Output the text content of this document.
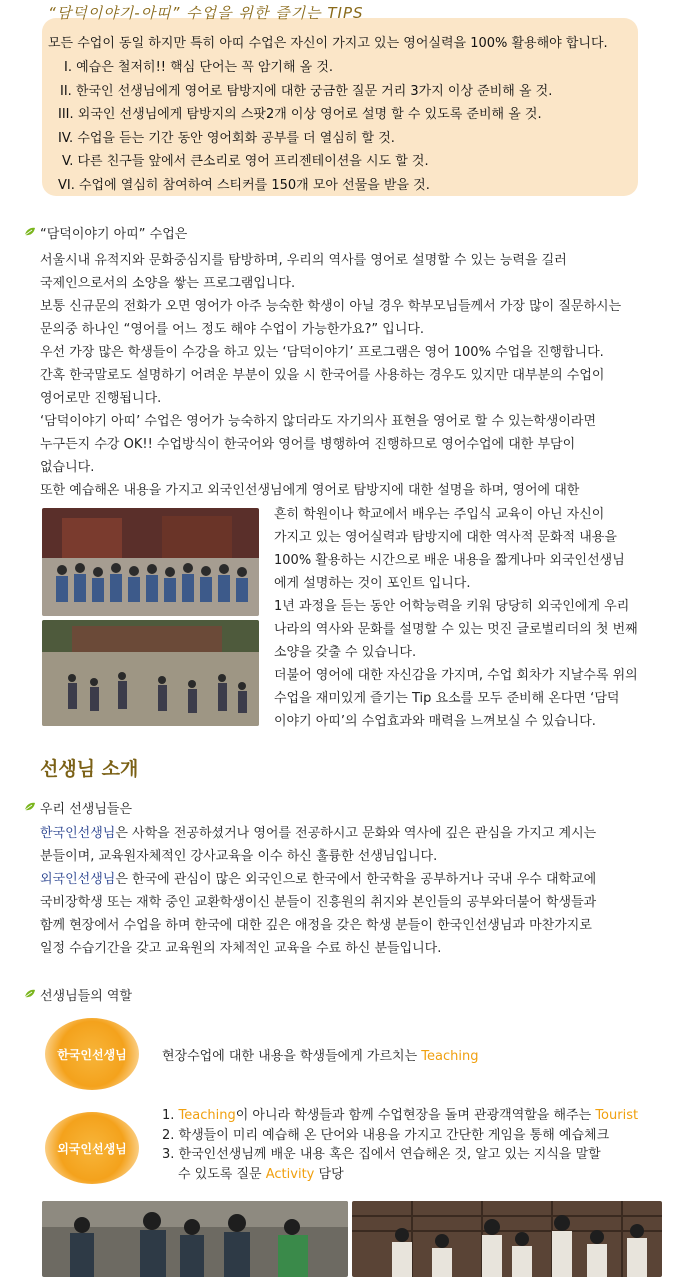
“담덕이야기-아띠” 수업을 위한 즐기는 TIPS
모든 수업이 동일 하지만 특히 아띠 수업은 자신이 가지고 있는 영어실력을 100% 활용해야 합니다.
I. 예습은 철저히!! 핵심 단어는 꼭 암기해 올 것.
II. 한국인 선생님에게 영어로 탐방지에 대한 궁금한 질문 거리 3가지 이상 준비해 올 것.
III. 외국인 선생님에게 탐방지의 스팟2개 이상 영어로 설명 할 수 있도록 준비해 올 것.
IV. 수업을 듣는 기간 동안 영어회화 공부를 더 열심히 할 것.
V. 다른 친구들 앞에서 큰소리로 영어 프리젠테이션을 시도 할 것.
VI. 수업에 열심히 참여하여 스티커를 150개 모아 선물을 받을 것.
“담덕이야기 아띠” 수업은
서울시내 유적지와 문화중심지를 탐방하며, 우리의 역사를 영어로 설명할 수 있는 능력을 길러
국제인으로서의 소양을 쌓는 프로그램입니다.
보통 신규문의 전화가 오면 영어가 아주 능숙한 학생이 아닐 경우 학부모님들께서 가장 많이 질문하시는
문의중 하나인 “영어를 어느 정도 해야 수업이 가능한가요?” 입니다.
우선 가장 많은 학생들이 수강을 하고 있는 ‘담덕이야기’ 프로그램은 영어 100% 수업을 진행합니다.
간혹 한국말로도 설명하기 어려운 부분이 있을 시 한국어를 사용하는 경우도 있지만 대부분의 수업이
영어로만 진행됩니다.
‘담덕이야기 아띠’ 수업은 영어가 능숙하지 않더라도 자기의사 표현을 영어로 할 수 있는학생이라면
누구든지 수강 OK!! 수업방식이 한국어와 영어를 병행하여 진행하므로 영어수업에 대한 부담이
없습니다.
또한 예습해온 내용을 가지고 외국인선생님에게 영어로 탐방지에 대한 설명을 하며, 영어에 대한
흔히 학원이나 학교에서 배우는 주입식 교육이 아닌 자신이
가지고 있는 영어실력과 탐방지에 대한 역사적 문화적 내용을
100% 활용하는 시간으로 배운 내용을 짧게나마 외국인선생님
에게 설명하는 것이 포인트 입니다.
1년 과정을 듣는 동안 어학능력을 키워 당당히 외국인에게 우리
나라의 역사와 문화를 설명할 수 있는 멋진 글로벌리더의 첫 번째
소양을 갖출 수 있습니다.
더불어 영어에 대한 자신감을 가지며, 수업 회차가 지날수록 위의
수업을 재미있게 즐기는 Tip 요소를 모두 준비해 온다면 ‘담덕
이야기 아띠’의 수업효과와 매력을 느껴보실 수 있습니다.
선생님 소개
우리 선생님들은
한국인선생님은 사학을 전공하셨거나 영어를 전공하시고 문화와 역사에 깊은 관심을 가지고 계시는
분들이며, 교육원자체적인 강사교육을 이수 하신 훌륭한 선생님입니다.
외국인선생님은 한국에 관심이 많은 외국인으로 한국에서 한국학을 공부하거나 국내 우수 대학교에
국비장학생 또는 재학 중인 교환학생이신 분들이 진흥원의 취지와 본인들의 공부와더불어 학생들과
함께 현장에서 수업을 하며 한국에 대한 깊은 애정을 갖은 학생 분들이 한국인선생님과 마찬가지로
일정 수습기간을 갖고 교육원의 자체적인 교육을 수료 하신 분들입니다.
선생님들의 역할
한국인선생님	현장수업에 대한 내용을 학생들에게 가르치는 Teaching
외국인선생님
1. Teaching이 아니라 학생들과 함께 수업현장을 돌며 관광객역할을 해주는 Tourist
2. 학생들이 미리 예습해 온 단어와 내용을 가지고 간단한 게임을 통해 예습체크
3. 한국인선생님께 배운 내용 혹은 집에서 연습해온 것, 알고 있는 지식을 말할
수 있도록 질문 Activity 담당
